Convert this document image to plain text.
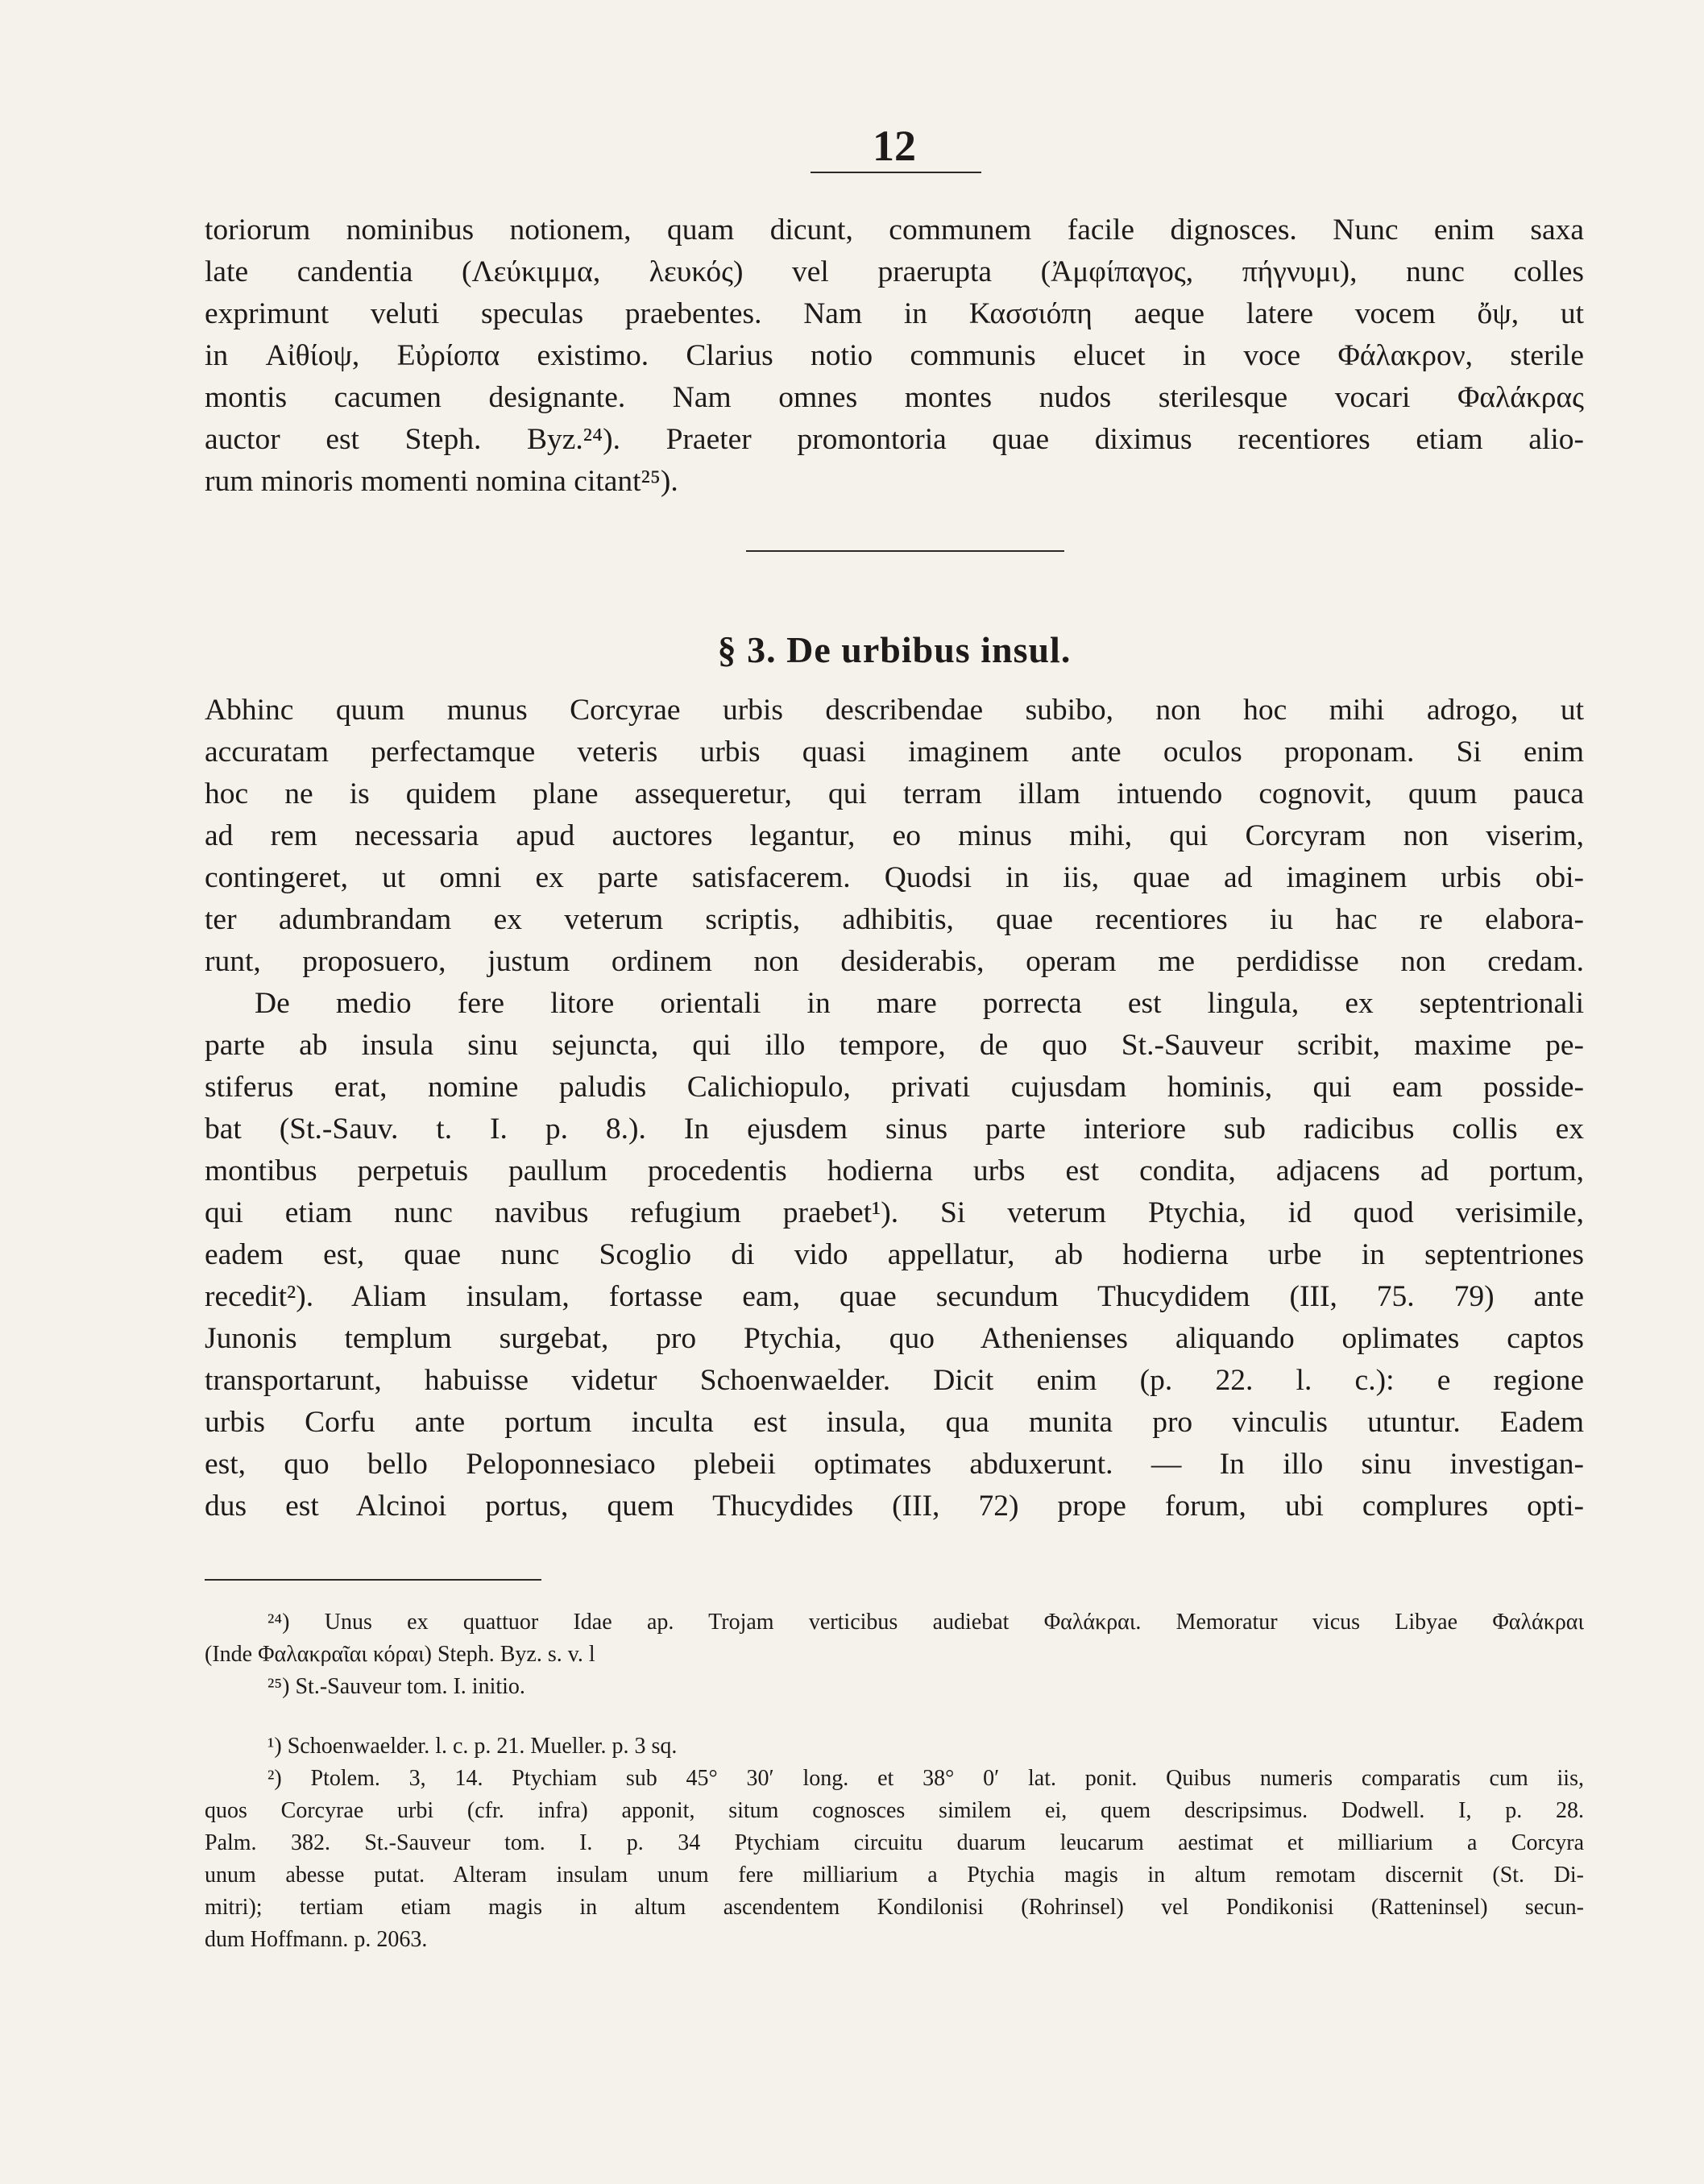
12
toriorum nominibus notionem, quam dicunt, communem facile dignosces. Nunc enim saxa
late candentia (Λεύκιμμα, λευκός) vel praerupta (Ἀμφίπαγος, πήγνυμι), nunc colles
exprimunt veluti speculas praebentes. Nam in Κασσιόπη aeque latere vocem ὄψ, ut
in Αἰθίοψ, Εὐρίοπα existimo. Clarius notio communis elucet in voce Φάλακρον, sterile
montis cacumen designante. Nam omnes montes nudos sterilesque vocari Φαλάκρας
auctor est Steph. Byz.²⁴). Praeter promontoria quae diximus recentiores etiam alio-
rum minoris momenti nomina citant²⁵).
§ 3. De urbibus insul.
Abhinc quum munus Corcyrae urbis describendae subibo, non hoc mihi adrogo, ut
accuratam perfectamque veteris urbis quasi imaginem ante oculos proponam. Si enim
hoc ne is quidem plane assequeretur, qui terram illam intuendo cognovit, quum pauca
ad rem necessaria apud auctores legantur, eo minus mihi, qui Corcyram non viserim,
contingeret, ut omni ex parte satisfacerem. Quodsi in iis, quae ad imaginem urbis obi-
ter adumbrandam ex veterum scriptis, adhibitis, quae recentiores iu hac re elabora-
runt, proposuero, justum ordinem non desiderabis, operam me perdidisse non credam.
De medio fere litore orientali in mare porrecta est lingula, ex septentrionali
parte ab insula sinu sejuncta, qui illo tempore, de quo St.-Sauveur scribit, maxime pe-
stiferus erat, nomine paludis Calichiopulo, privati cujusdam hominis, qui eam posside-
bat (St.-Sauv. t. I. p. 8.). In ejusdem sinus parte interiore sub radicibus collis ex
montibus perpetuis paullum procedentis hodierna urbs est condita, adjacens ad portum,
qui etiam nunc navibus refugium praebet¹). Si veterum Ptychia, id quod verisimile,
eadem est, quae nunc Scoglio di vido appellatur, ab hodierna urbe in septentriones
recedit²). Aliam insulam, fortasse eam, quae secundum Thucydidem (III, 75. 79) ante
Junonis templum surgebat, pro Ptychia, quo Athenienses aliquando oplimates captos
transportarunt, habuisse videtur Schoenwaelder. Dicit enim (p. 22. l. c.): e regione
urbis Corfu ante portum inculta est insula, qua munita pro vinculis utuntur. Eadem
est, quo bello Peloponnesiaco plebeii optimates abduxerunt. — In illo sinu investigan-
dus est Alcinoi portus, quem Thucydides (III, 72) prope forum, ubi complures opti-
²⁴) Unus ex quattuor Idae ap. Trojam verticibus audiebat Φαλάκραι. Memoratur vicus Libyae Φαλάκραι
(Inde Φαλακραῖαι κόραι) Steph. Byz. s. v. l
²⁵) St.-Sauveur tom. I. initio.
¹) Schoenwaelder. l. c. p. 21. Mueller. p. 3 sq.
²) Ptolem. 3, 14. Ptychiam sub 45° 30′ long. et 38° 0′ lat. ponit. Quibus numeris comparatis cum iis,
quos Corcyrae urbi (cfr. infra) apponit, situm cognosces similem ei, quem descripsimus. Dodwell. I, p. 28.
Palm. 382. St.-Sauveur tom. I. p. 34 Ptychiam circuitu duarum leucarum aestimat et milliarium a Corcyra
unum abesse putat. Alteram insulam unum fere milliarium a Ptychia magis in altum remotam discernit (St. Di-
mitri); tertiam etiam magis in altum ascendentem Kondilonisi (Rohrinsel) vel Pondikonisi (Ratteninsel) secun-
dum Hoffmann. p. 2063.
